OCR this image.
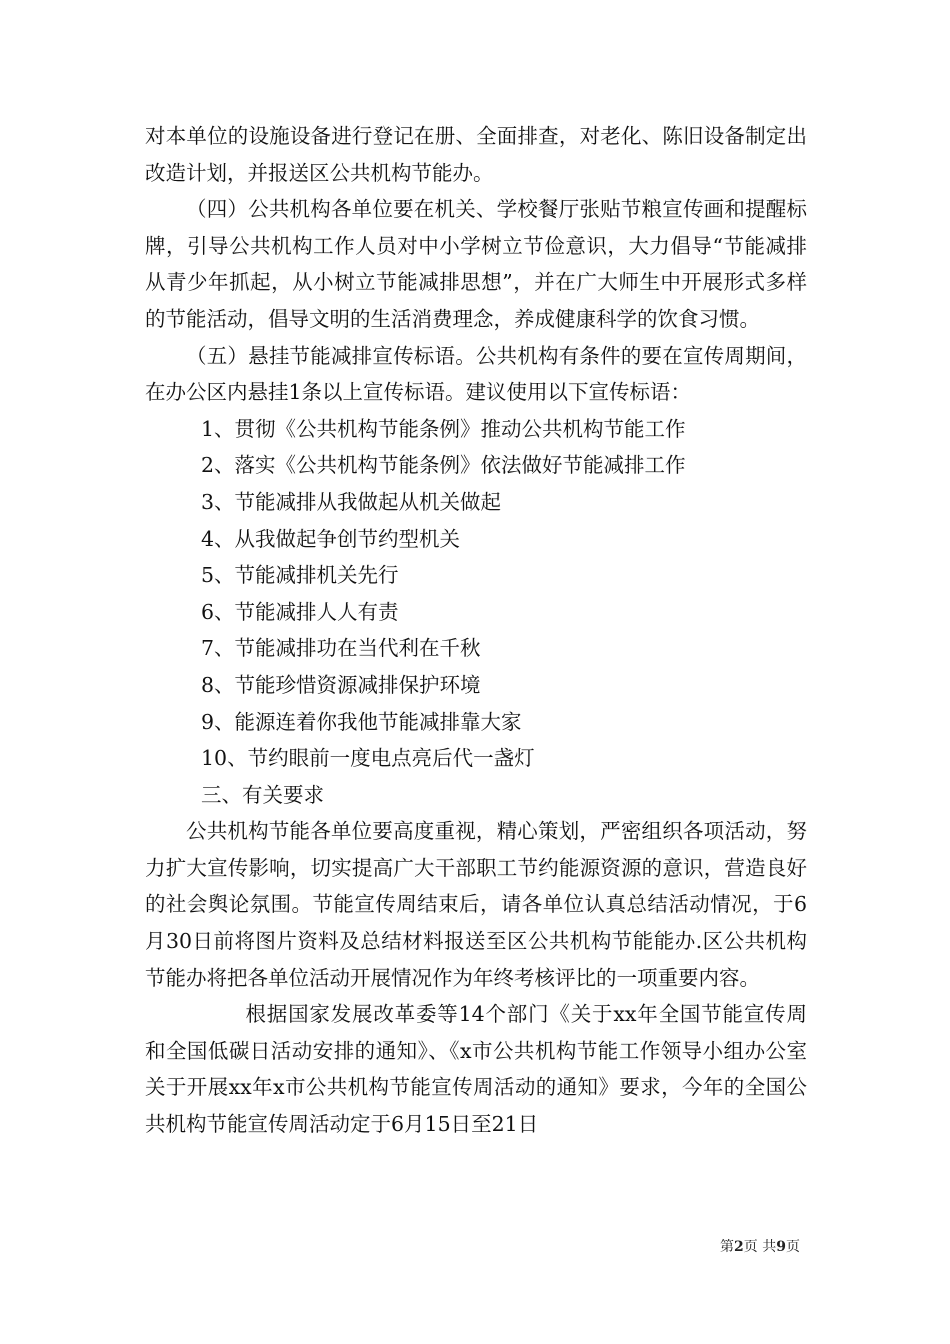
对本单位的设施设备进行登记在册、全面排查，对老化、陈旧设备制定出改造计划，并报送区公共机构节能办。

（四）公共机构各单位要在机关、学校餐厅张贴节粮宣传画和提醒标牌，引导公共机构工作人员对中小学树立节俭意识，大力倡导“节能减排从青少年抓起，从小树立节能减排思想”，并在广大师生中开展形式多样的节能活动，倡导文明的生活消费理念，养成健康科学的饮食习惯。

（五）悬挂节能减排宣传标语。公共机构有条件的要在宣传周期间，在办公区内悬挂1条以上宣传标语。建议使用以下宣传标语：

1、贯彻《公共机构节能条例》推动公共机构节能工作

2、落实《公共机构节能条例》依法做好节能减排工作

3、节能减排从我做起从机关做起

4、从我做起争创节约型机关

5、节能减排机关先行

6、节能减排人人有责

7、节能减排功在当代利在千秋

8、节能珍惜资源减排保护环境

9、能源连着你我他节能减排靠大家

10、节约眼前一度电点亮后代一盏灯

三、有关要求

公共机构节能各单位要高度重视，精心策划，严密组织各项活动，努力扩大宣传影响，切实提高广大干部职工节约能源资源的意识，营造良好的社会舆论氛围。节能宣传周结束后，请各单位认真总结活动情况，于6月30日前将图片资料及总结材料报送至区公共机构节能能办.区公共机构节能办将把各单位活动开展情况作为年终考核评比的一项重要内容。

根据国家发展改革委等14个部门《关于xx年全国节能宣传周和全国低碳日活动安排的通知》、《x市公共机构节能工作领导小组办公室关于开展xx年x市公共机构节能宣传周活动的通知》要求，今年的全国公共机构节能宣传周活动定于6月15日至21日

第2页 共9页
